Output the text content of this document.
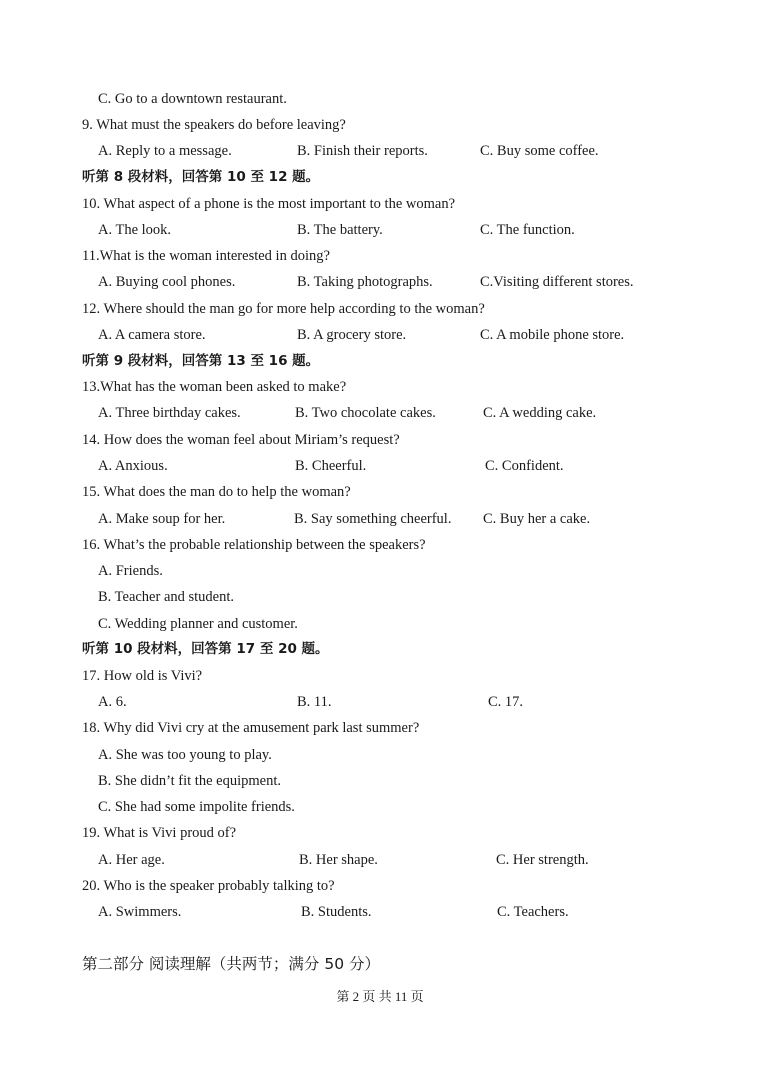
C. Go to a downtown restaurant.
9. What must the speakers do before leaving?
A. Reply to a message.	B. Finish their reports.	C. Buy some coffee.
听第 8 段材料，回答第 10 至 12 题。
10. What aspect of a phone is the most important to the woman?
A. The look.	B. The battery.	C. The function.
11.What is the woman interested in doing?
A. Buying cool phones.	B. Taking photographs.	C.Visiting different stores.
12. Where should the man go for more help according to the woman?
A. A camera store.	B. A grocery store.	C. A mobile phone store.
听第 9 段材料，回答第 13 至 16 题。
13.What has the woman been asked to make?
A. Three birthday cakes.	B. Two chocolate cakes.	C. A wedding cake.
14. How does the woman feel about Miriam’s request?
A. Anxious.	B. Cheerful.	C. Confident.
15. What does the man do to help the woman?
A. Make soup for her.	B. Say something cheerful. C. Buy her a cake.
16. What’s the probable relationship between the speakers?
A. Friends.
B. Teacher and student.
C. Wedding planner and customer.
听第 10 段材料，回答第 17 至 20 题。
17. How old is Vivi?
A. 6.	B. 11.	C. 17.
18. Why did Vivi cry at the amusement park last summer?
A. She was too young to play.
B. She didn’t fit the equipment.
C. She had some impolite friends.
19. What is Vivi proud of?
A. Her age.	B. Her shape.	C. Her strength.
20. Who is the speaker probably talking to?
A. Swimmers.	B. Students.	C. Teachers.
第二部分 阅读理解（共两节；满分 50 分）
第 2 页 共 11 页
